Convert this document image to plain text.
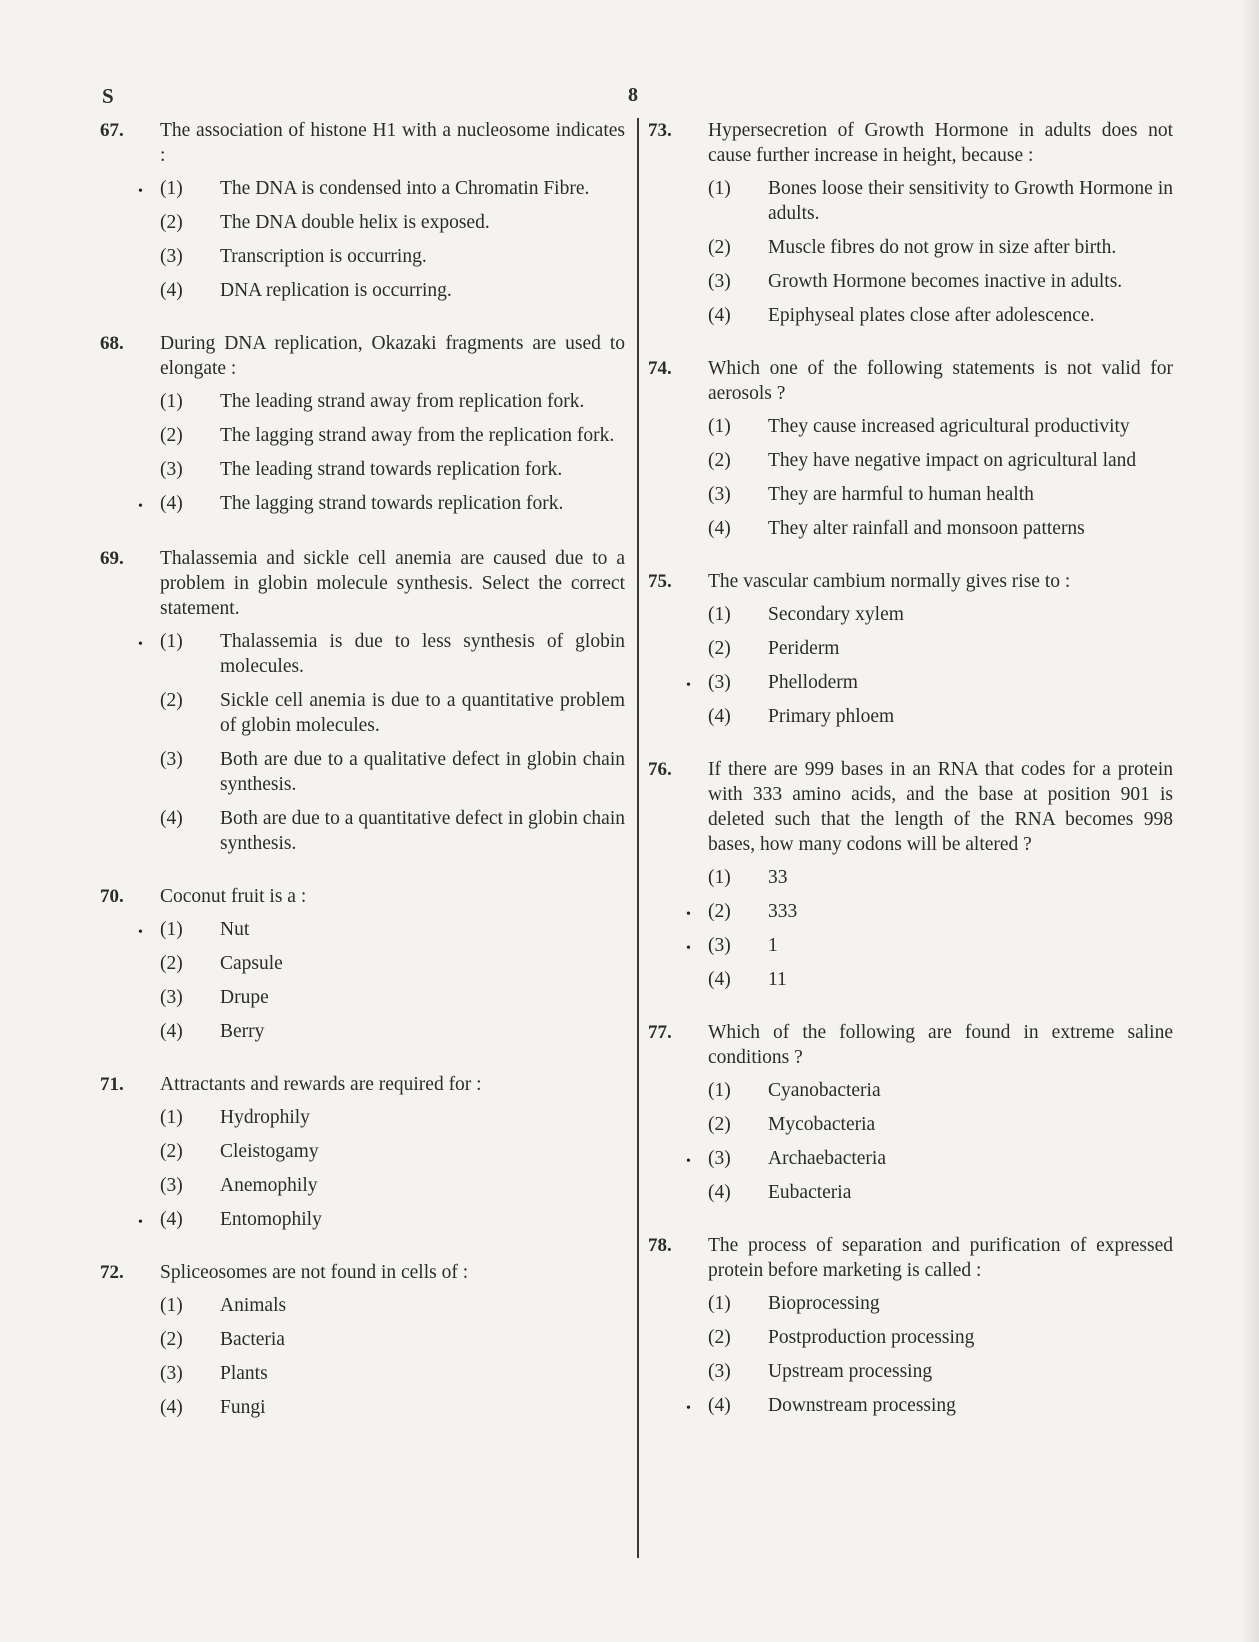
S	8
67. The association of histone H1 with a nucleosome indicates :
• (1) The DNA is condensed into a Chromatin Fibre.
(2) The DNA double helix is exposed.
(3) Transcription is occurring.
(4) DNA replication is occurring.
68. During DNA replication, Okazaki fragments are used to elongate :
(1) The leading strand away from replication fork.
(2) The lagging strand away from the replication fork.
(3) The leading strand towards replication fork.
• (4) The lagging strand towards replication fork.
69. Thalassemia and sickle cell anemia are caused due to a problem in globin molecule synthesis. Select the correct statement.
• (1) Thalassemia is due to less synthesis of globin molecules.
(2) Sickle cell anemia is due to a quantitative problem of globin molecules.
(3) Both are due to a qualitative defect in globin chain synthesis.
(4) Both are due to a quantitative defect in globin chain synthesis.
70. Coconut fruit is a :
• (1) Nut
(2) Capsule
(3) Drupe
(4) Berry
71. Attractants and rewards are required for :
(1) Hydrophily
(2) Cleistogamy
(3) Anemophily
• (4) Entomophily
72. Spliceosomes are not found in cells of :
(1) Animals
(2) Bacteria
(3) Plants
(4) Fungi
73. Hypersecretion of Growth Hormone in adults does not cause further increase in height, because :
(1) Bones loose their sensitivity to Growth Hormone in adults.
(2) Muscle fibres do not grow in size after birth.
(3) Growth Hormone becomes inactive in adults.
(4) Epiphyseal plates close after adolescence.
74. Which one of the following statements is not valid for aerosols ?
(1) They cause increased agricultural productivity
(2) They have negative impact on agricultural land
(3) They are harmful to human health
(4) They alter rainfall and monsoon patterns
75. The vascular cambium normally gives rise to :
(1) Secondary xylem
(2) Periderm
• (3) Phelloderm
(4) Primary phloem
76. If there are 999 bases in an RNA that codes for a protein with 333 amino acids, and the base at position 901 is deleted such that the length of the RNA becomes 998 bases, how many codons will be altered ?
(1) 33
• (2) 333
• (3) 1
(4) 11
77. Which of the following are found in extreme saline conditions ?
(1) Cyanobacteria
(2) Mycobacteria
• (3) Archaebacteria
(4) Eubacteria
78. The process of separation and purification of expressed protein before marketing is called :
(1) Bioprocessing
(2) Postproduction processing
(3) Upstream processing
• (4) Downstream processing
